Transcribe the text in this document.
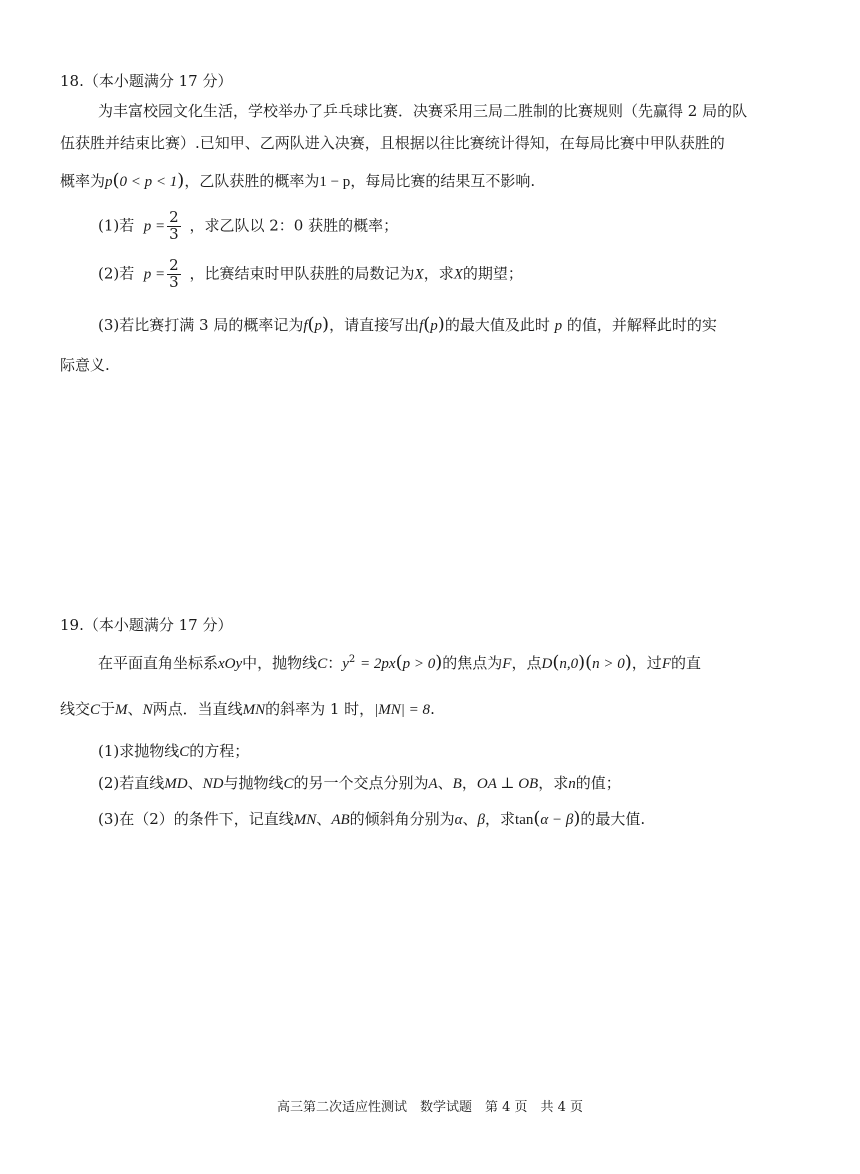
18.（本小题满分 17 分）
为丰富校园文化生活，学校举办了乒乓球比赛．决赛采用三局二胜制的比赛规则（先赢得 2 局的队
伍获胜并结束比赛）.已知甲、乙两队进入决赛，且根据以往比赛统计得知，在每局比赛中甲队获胜的
概率为p(0 < p < 1)，乙队获胜的概率为1 − p，每局比赛的结果互不影响.
(1)若 $p = \frac{2}{3}$ ，求乙队以 2：0 获胜的概率；
(2)若 $p = \frac{2}{3}$ ，比赛结束时甲队获胜的局数记为X，求X的期望；
(3)若比赛打满 3 局的概率记为f(p)，请直接写出f(p)的最大值及此时 p 的值，并解释此时的实
际意义.
19.（本小题满分 17 分）
在平面直角坐标系xOy中，抛物线C：$y^2 = 2px(p > 0)$的焦点为F，点D(n,0)(n > 0)，过F的直
线交C于M、N两点．当直线MN的斜率为 1 时，|MN| = 8.
(1)求抛物线C的方程；
(2)若直线MD、ND与抛物线C的另一个交点分别为A、B，OA ⊥ OB，求n的值；
(3)在（2）的条件下，记直线MN、AB的倾斜角分别为α、β，求tan(α − β)的最大值.
高三第二次适应性测试　数学试题　第 4 页　共 4 页
